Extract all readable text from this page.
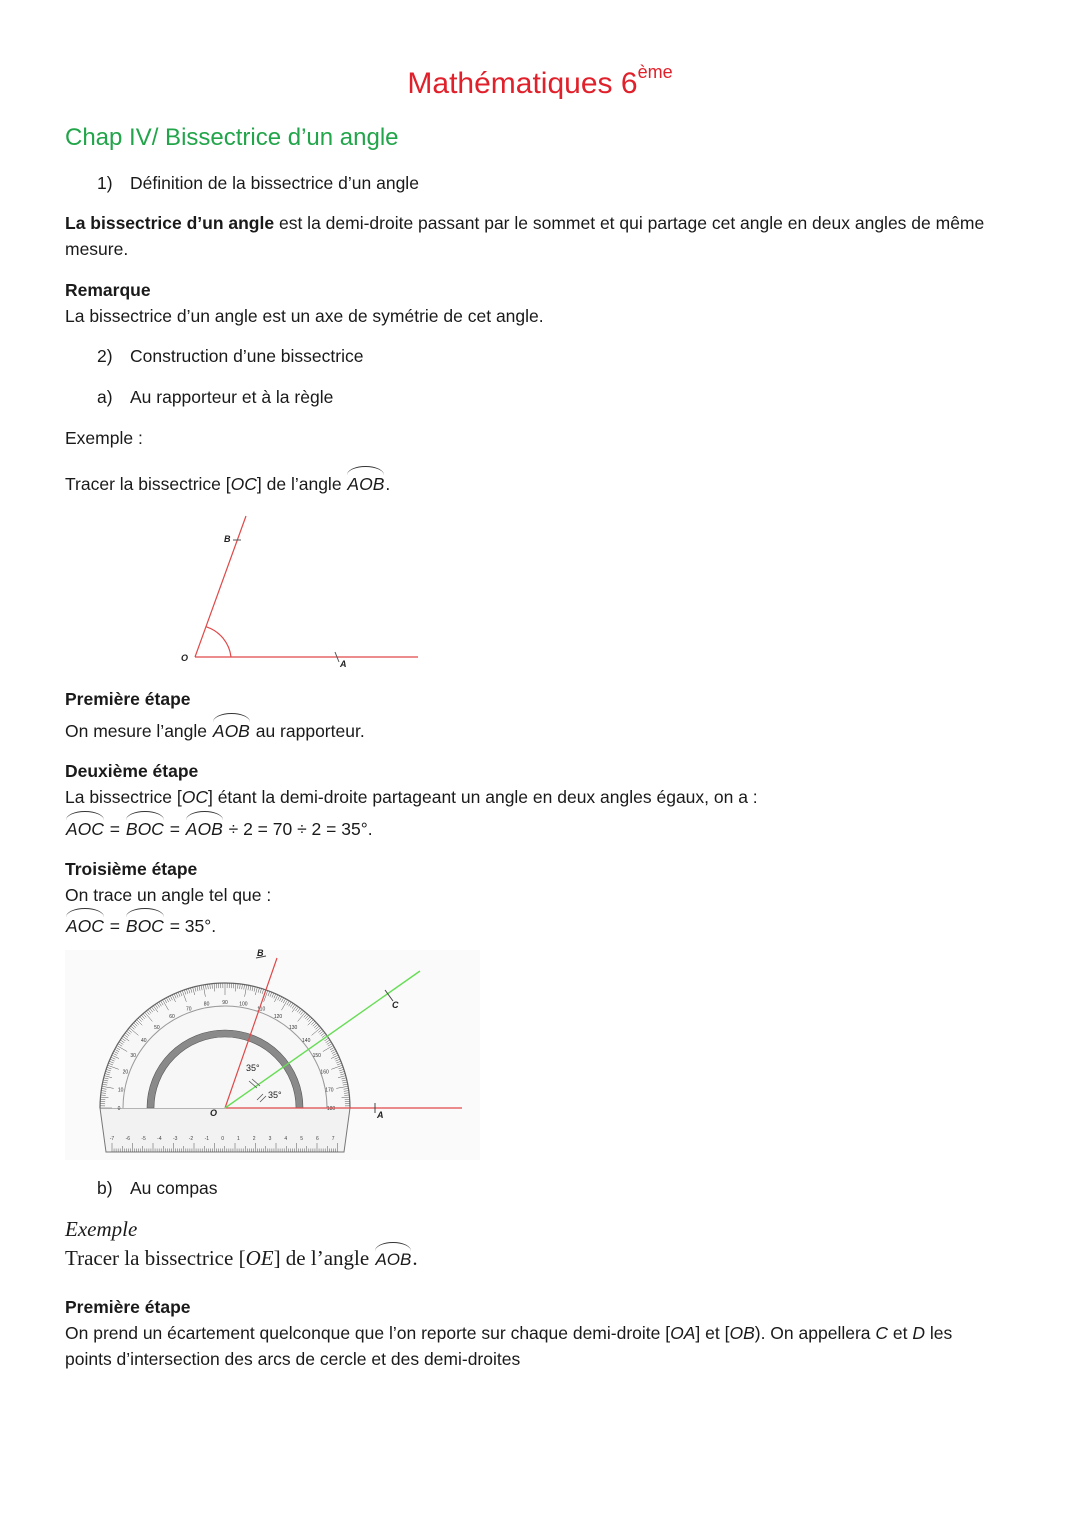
Mathématiques 6ème
Chap IV/ Bissectrice d’un angle
1) Définition de la bissectrice d’un angle
La bissectrice d’un angle est la demi-droite passant par le sommet et qui partage cet angle en deux angles de même
mesure.
Remarque
La bissectrice d’un angle est un axe de symétrie de cet angle.
2) Construction d’une bissectrice
a) Au rapporteur et à la règle
Exemple :
Tracer la bissectrice [OC] de l’angle AOB.
B
O
A
Première étape
On mesure l’angle AOB au rapporteur.
Deuxième étape
La bissectrice [OC] étant la demi-droite partageant un angle en deux angles égaux, on a :
AOC = BOC = AOB ÷ 2 = 70 ÷ 2 = 35°.
Troisième étape
On trace un angle tel que :
AOC = BOC = 35°.
-7 -6 -5 -4 -3 -2 -1 0	1	2	3	4	5	6	7
0
10
20
30
40
50
60
70
80	90 100
110
120
130
140
150
160
170
180
B
C
O	A
35°
35°
b) Au compas
Exemple
Tracer la bissectrice [OE] de l’angle AOB.
Première étape
On prend un écartement quelconque que l’on reporte sur chaque demi-droite [OA] et [OB). On appellera C et D les
points d’intersection des arcs de cercle et des demi-droites
